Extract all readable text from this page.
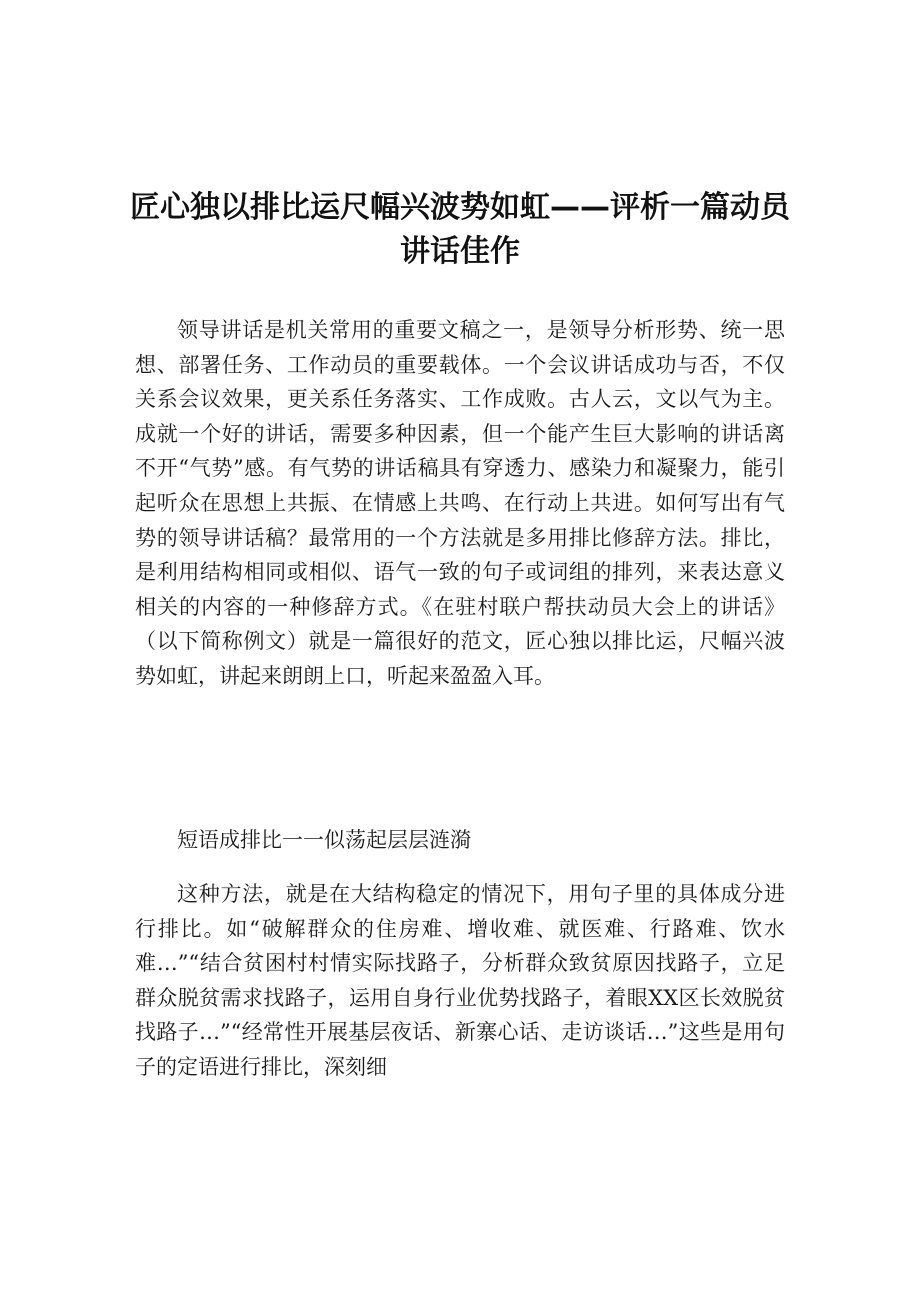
匠心独以排比运尺幅兴波势如虹——评析一篇动员讲话佳作

领导讲话是机关常用的重要文稿之一，是领导分析形势、统一思想、部署任务、工作动员的重要载体。一个会议讲话成功与否，不仅关系会议效果，更关系任务落实、工作成败。古人云，文以气为主。成就一个好的讲话，需要多种因素，但一个能产生巨大影响的讲话离不开“气势”感。有气势的讲话稿具有穿透力、感染力和凝聚力，能引起听众在思想上共振、在情感上共鸣、在行动上共进。如何写出有气势的领导讲话稿？最常用的一个方法就是多用排比修辞方法。排比，是利用结构相同或相似、语气一致的句子或词组的排列，来表达意义相关的内容的一种修辞方式。《在驻村联户帮扶动员大会上的讲话》（以下简称例文）就是一篇很好的范文，匠心独以排比运，尺幅兴波势如虹，讲起来朗朗上口，听起来盈盈入耳。

短语成排比一一似荡起层层涟漪

这种方法，就是在大结构稳定的情况下，用句子里的具体成分进行排比。如“破解群众的住房难、增收难、就医难、行路难、饮水难…”“结合贫困村村情实际找路子，分析群众致贫原因找路子，立足群众脱贫需求找路子，运用自身行业优势找路子，着眼XX区长效脱贫找路子…”“经常性开展基层夜话、新寨心话、走访谈话…”这些是用句子的定语进行排比，深刻细
